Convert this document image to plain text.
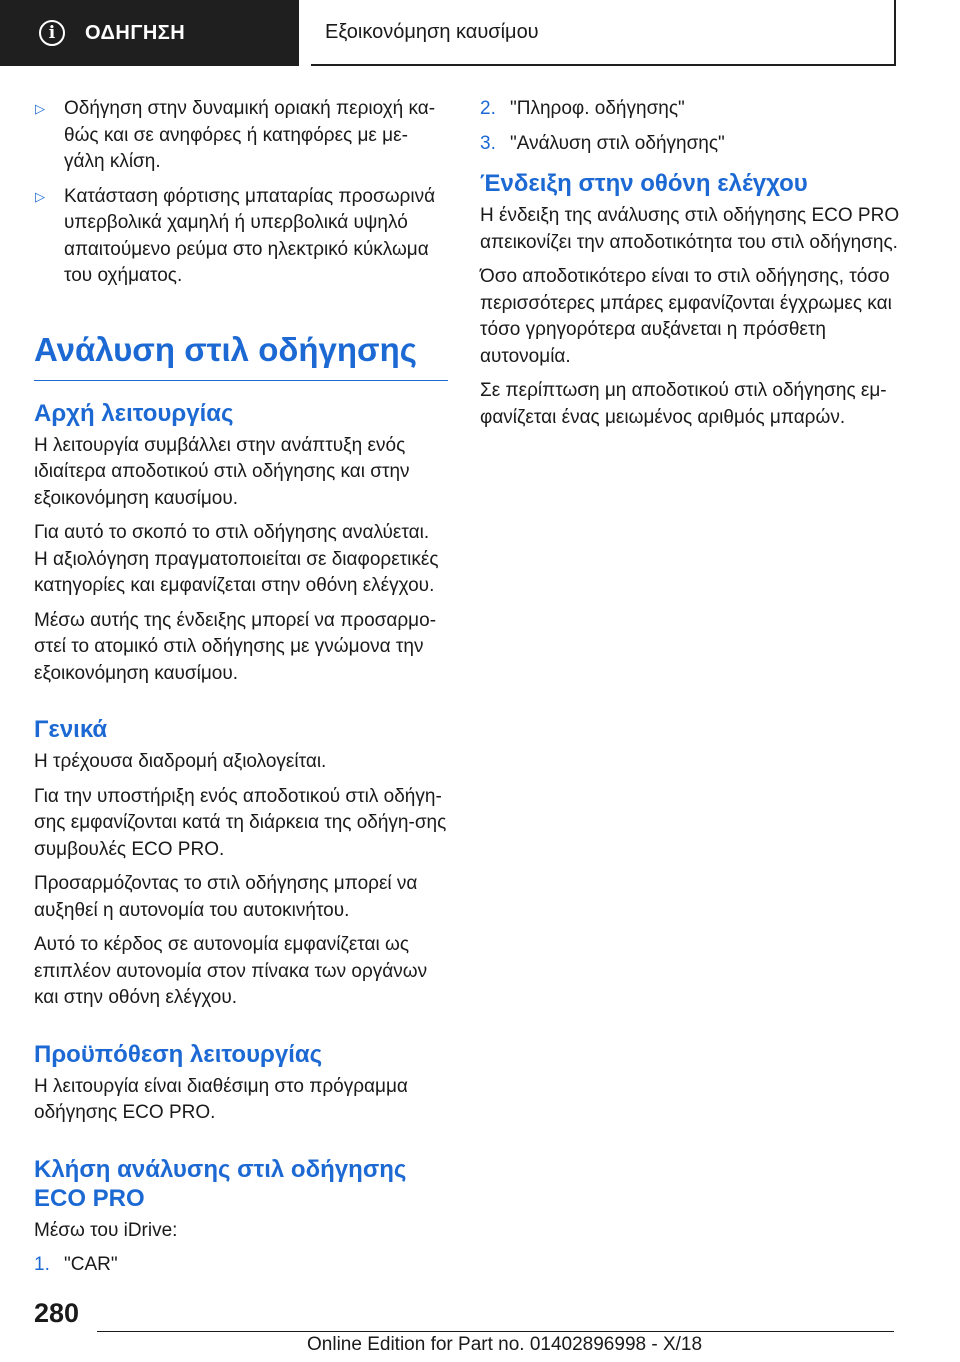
i	ΟΔΗΓΗΣΗ	Εξοικονόμηση καυσίμου
▷	Οδήγηση στην δυναμική οριακή περιοχή κα-θώς και σε ανηφόρες ή κατηφόρες με με-γάλη κλίση.
▷	Κατάσταση φόρτισης μπαταρίας προσωρινά υπερβολικά χαμηλή ή υπερβολικά υψηλό απαιτούμενο ρεύμα στο ηλεκτρικό κύκλωμα του οχήματος.
Ανάλυση στιλ οδήγησης
Αρχή λειτουργίας

Η λειτουργία συμβάλλει στην ανάπτυξη ενός ιδιαίτερα αποδοτικού στιλ οδήγησης και στην εξοικονόμηση καυσίμου.

Για αυτό το σκοπό το στιλ οδήγησης αναλύεται. Η αξιολόγηση πραγματοποιείται σε διαφορετικές κατηγορίες και εμφανίζεται στην οθόνη ελέγχου.

Μέσω αυτής της ένδειξης μπορεί να προσαρμο-στεί το ατομικό στιλ οδήγησης με γνώμονα την εξοικονόμηση καυσίμου.

Γενικά

Η τρέχουσα διαδρομή αξιολογείται.

Για την υποστήριξη ενός αποδοτικού στιλ οδήγη-σης εμφανίζονται κατά τη διάρκεια της οδήγη-σης συμβουλές ECO PRO.

Προσαρμόζοντας το στιλ οδήγησης μπορεί να αυξηθεί η αυτονομία του αυτοκινήτου.

Αυτό το κέρδος σε αυτονομία εμφανίζεται ως επιπλέον αυτονομία στον πίνακα των οργάνων και στην οθόνη ελέγχου.

Προϋπόθεση λειτουργίας

Η λειτουργία είναι διαθέσιμη στο πρόγραμμα οδήγησης ECO PRO.

Κλήση ανάλυσης στιλ οδήγησης ECO PRO

Μέσω του iDrive:

1. "CAR"
2. "Πληροφ. οδήγησης"
3. "Ανάλυση στιλ οδήγησης"
Ένδειξη στην οθόνη ελέγχου

Η ένδειξη της ανάλυσης στιλ οδήγησης ECO PRO απεικονίζει την αποδοτικότητα του στιλ οδήγησης.

Όσο αποδοτικότερο είναι το στιλ οδήγησης, τόσο περισσότερες μπάρες εμφανίζονται έγχρωμες και τόσο γρηγορότερα αυξάνεται η πρόσθετη αυτονομία.

Σε περίπτωση μη αποδοτικού στιλ οδήγησης εμ-φανίζεται ένας μειωμένος αριθμός μπαρών.

280
Online Edition for Part no. 01402896998 - X/18
